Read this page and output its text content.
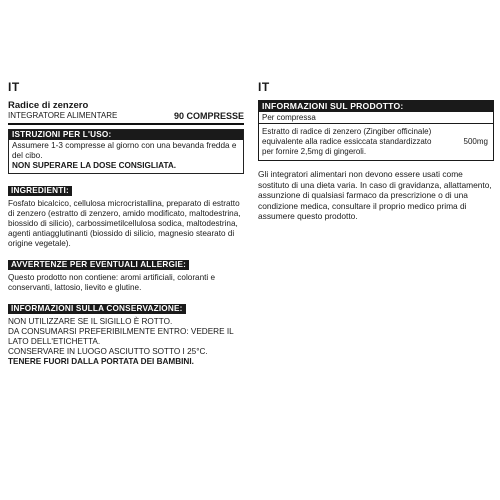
IT
Radice di zenzero
INTEGRATORE ALIMENTARE	90 COMPRESSE
ISTRUZIONI PER L'USO:
Assumere 1-3 compresse al giorno con una bevanda fredda e del cibo.
NON SUPERARE LA DOSE CONSIGLIATA.
INGREDIENTI:
Fosfato bicalcico, cellulosa microcristallina, preparato di estratto di zenzero (estratto di zenzero, amido modificato, maltodestrina, biossido di silicio), carbossimetilcellulosa sodica, maltodestrina, agenti antiagglutinanti (biossido di silicio, magnesio stearato di origine vegetale).
AVVERTENZE PER EVENTUALI ALLERGIE:
Questo prodotto non contiene: aromi artificiali, coloranti e conservanti, lattosio, lievito e glutine.
INFORMAZIONI SULLA CONSERVAZIONE:

NON UTILIZZARE SE IL SIGILLO È ROTTO.

DA CONSUMARSI PREFERIBILMENTE ENTRO: VEDERE IL LATO DELL'ETICHETTA.

CONSERVARE IN LUOGO ASCIUTTO SOTTO I 25°C.

TENERE FUORI DALLA PORTATA DEI BAMBINI.

IT
INFORMAZIONI SUL PRODOTTO:
Per compressa
Estratto di radice di zenzero (Zingiber officinale) equivalente alla radice essiccata standardizzato per fornire 2,5mg di gingeroli.
500mg
Gli integratori alimentari non devono essere usati come sostituto di una dieta varia. In caso di gravidanza, allattamento, assunzione di qualsiasi farmaco da prescrizione o di una condizione medica, consultare il proprio medico prima di assumere questo prodotto.
